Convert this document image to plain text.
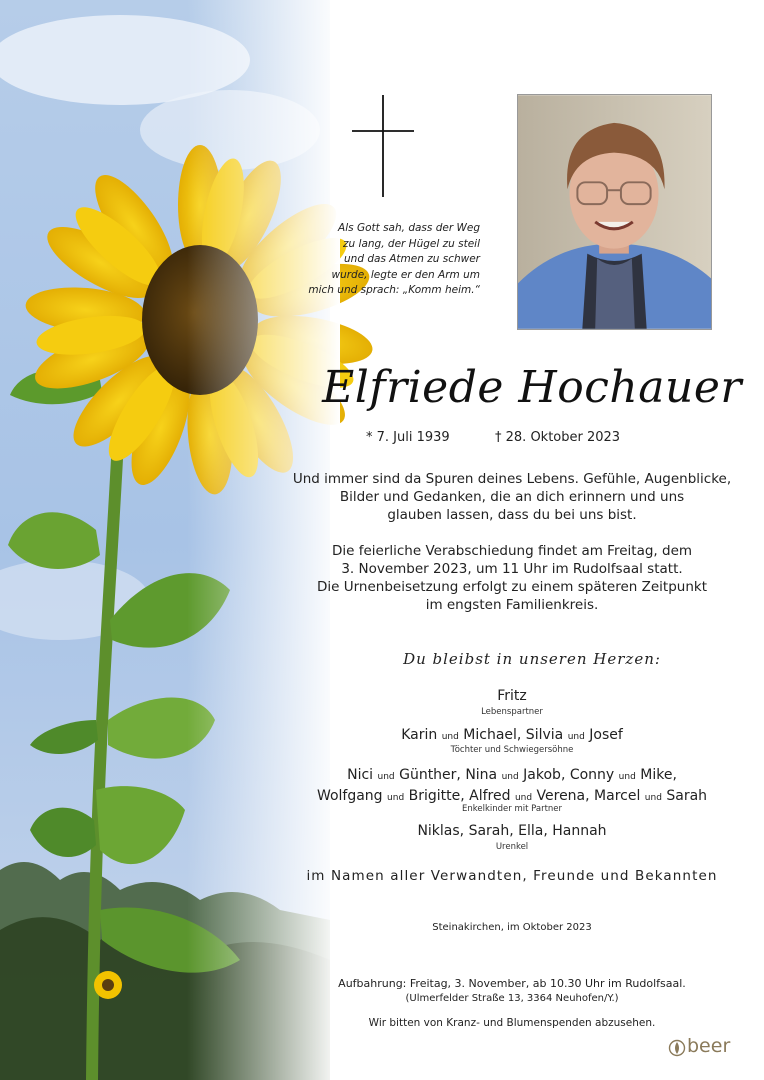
Als Gott sah, dass der Weg
zu lang, der Hügel zu steil
und das Atmen zu schwer
wurde, legte er den Arm um
mich und sprach: „Komm heim.“
Elfriede Hochauer
* 7. Juli 1939	† 28. Oktober 2023
Und immer sind da Spuren deines Lebens. Gefühle, Augenblicke,
Bilder und Gedanken, die an dich erinnern und uns
glauben lassen, dass du bei uns bist.
Die feierliche Verabschiedung findet am Freitag, dem
3. November 2023, um 11 Uhr im Rudolfsaal statt.
Die Urnenbeisetzung erfolgt zu einem späteren Zeitpunkt
im engsten Familienkreis.
Du bleibst in unseren Herzen:
Fritz
Lebenspartner
Karin und Michael, Silvia und Josef
Töchter und Schwiegersöhne
Nici und Günther, Nina und Jakob, Conny und Mike,
Wolfgang und Brigitte, Alfred und Verena, Marcel und Sarah
Enkelkinder mit Partner
Niklas, Sarah, Ella, Hannah
Urenkel
im Namen aller Verwandten, Freunde und Bekannten
Steinakirchen, im Oktober 2023
Aufbahrung: Freitag, 3. November, ab 10.30 Uhr im Rudolfsaal.
(Ulmerfelder Straße 13, 3364 Neuhofen/Y.)
Wir bitten von Kranz- und Blumenspenden abzusehen.
beer
